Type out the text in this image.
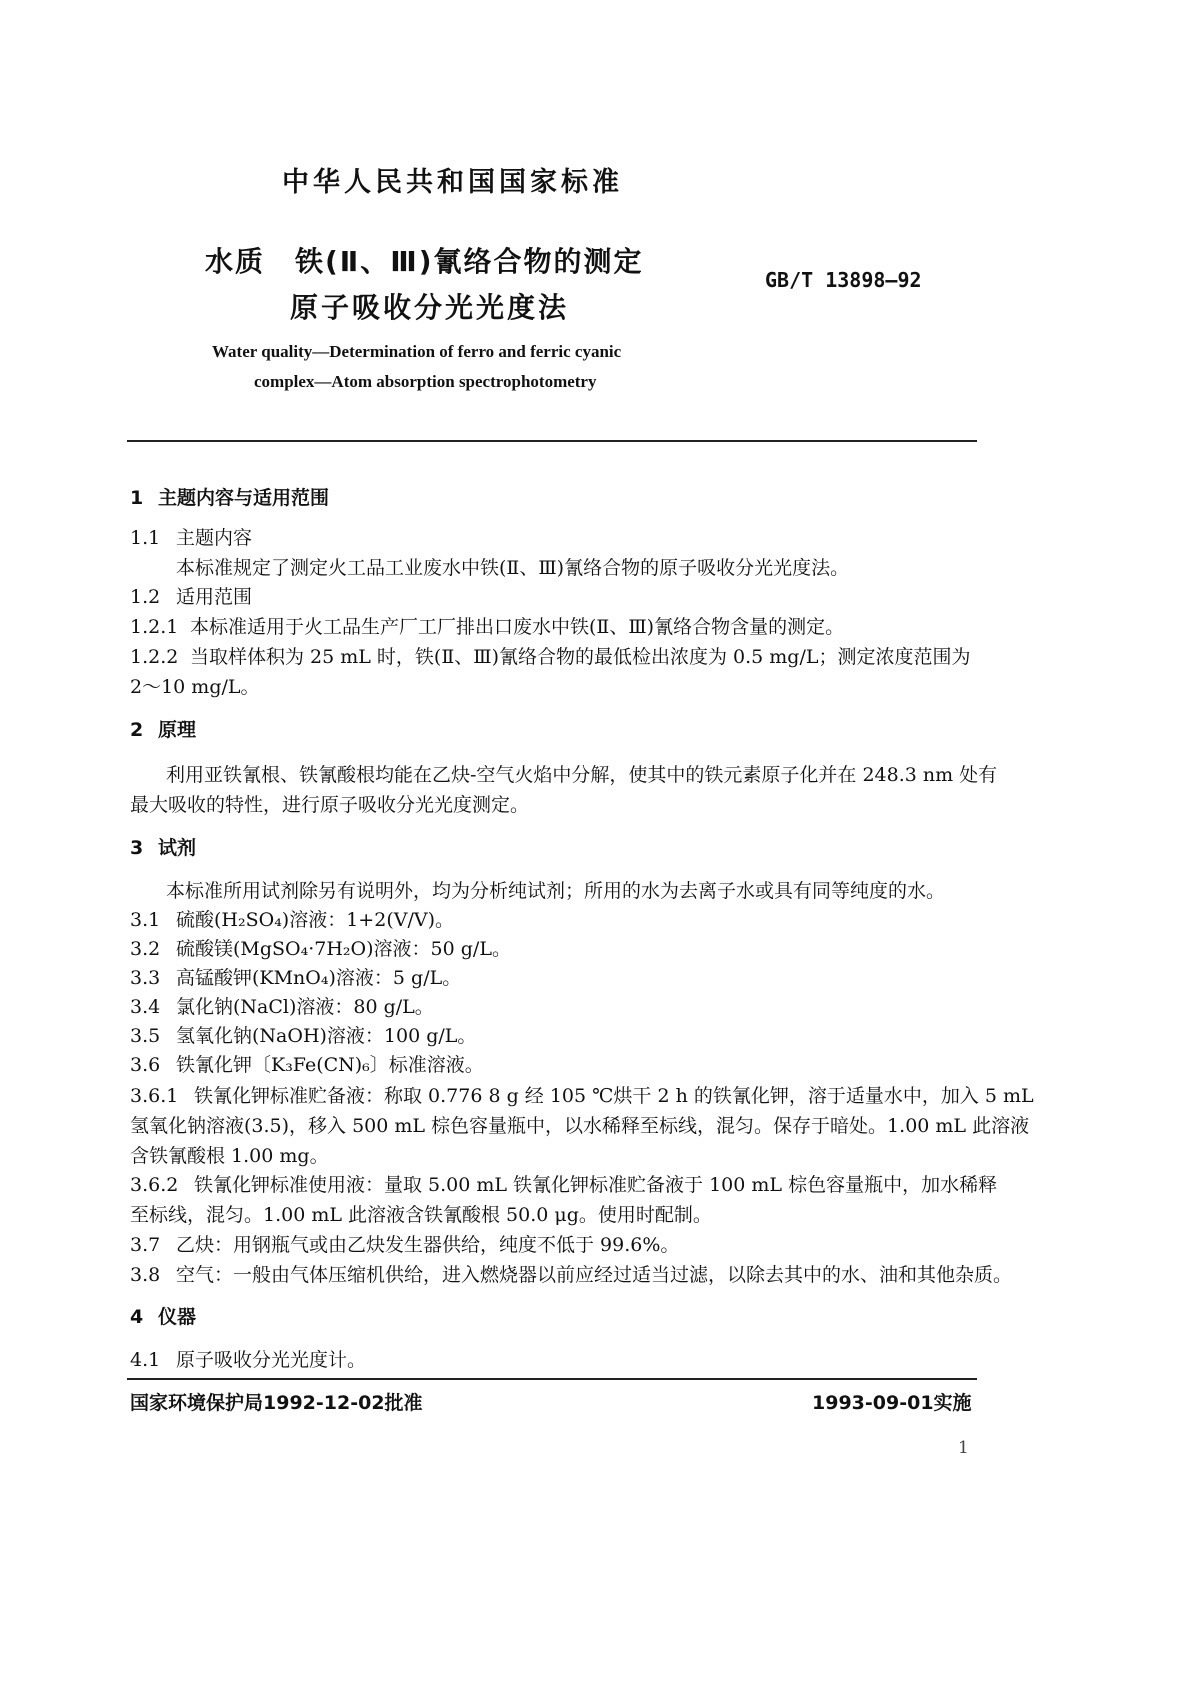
中华人民共和国国家标准
水质　铁(Ⅱ、Ⅲ)氰络合物的测定
原子吸收分光光度法
GB/T 13898—92
Water quality—Determination of ferro and ferric cyanic
complex—Atom absorption spectrophotometry
1 主题内容与适用范围
1.1 主题内容
本标准规定了测定火工品工业废水中铁(Ⅱ、Ⅲ)氰络合物的原子吸收分光光度法。
1.2 适用范围
1.2.1 本标准适用于火工品生产厂工厂排出口废水中铁(Ⅱ、Ⅲ)氰络合物含量的测定。
1.2.2 当取样体积为 25 mL 时，铁(Ⅱ、Ⅲ)氰络合物的最低检出浓度为 0.5 mg/L；测定浓度范围为
2～10 mg/L。
2 原理
利用亚铁氰根、铁氰酸根均能在乙炔-空气火焰中分解，使其中的铁元素原子化并在 248.3 nm 处有
最大吸收的特性，进行原子吸收分光光度测定。
3 试剂
本标准所用试剂除另有说明外，均为分析纯试剂；所用的水为去离子水或具有同等纯度的水。
3.1 硫酸(H₂SO₄)溶液：1+2(V/V)。
3.2 硫酸镁(MgSO₄·7H₂O)溶液：50 g/L。
3.3 高锰酸钾(KMnO₄)溶液：5 g/L。
3.4 氯化钠(NaCl)溶液：80 g/L。
3.5 氢氧化钠(NaOH)溶液：100 g/L。
3.6 铁氰化钾〔K₃Fe(CN)₆〕标准溶液。
3.6.1 铁氰化钾标准贮备液：称取 0.776 8 g 经 105 ℃烘干 2 h 的铁氰化钾，溶于适量水中，加入 5 mL
氢氧化钠溶液(3.5)，移入 500 mL 棕色容量瓶中，以水稀释至标线，混匀。保存于暗处。1.00 mL 此溶液
含铁氰酸根 1.00 mg。
3.6.2 铁氰化钾标准使用液：量取 5.00 mL 铁氰化钾标准贮备液于 100 mL 棕色容量瓶中，加水稀释
至标线，混匀。1.00 mL 此溶液含铁氰酸根 50.0 μg。使用时配制。
3.7 乙炔：用钢瓶气或由乙炔发生器供给，纯度不低于 99.6%。
3.8 空气：一般由气体压缩机供给，进入燃烧器以前应经过适当过滤，以除去其中的水、油和其他杂质。
4 仪器
4.1 原子吸收分光光度计。
国家环境保护局1992-12-02批准	1993-09-01实施
1
